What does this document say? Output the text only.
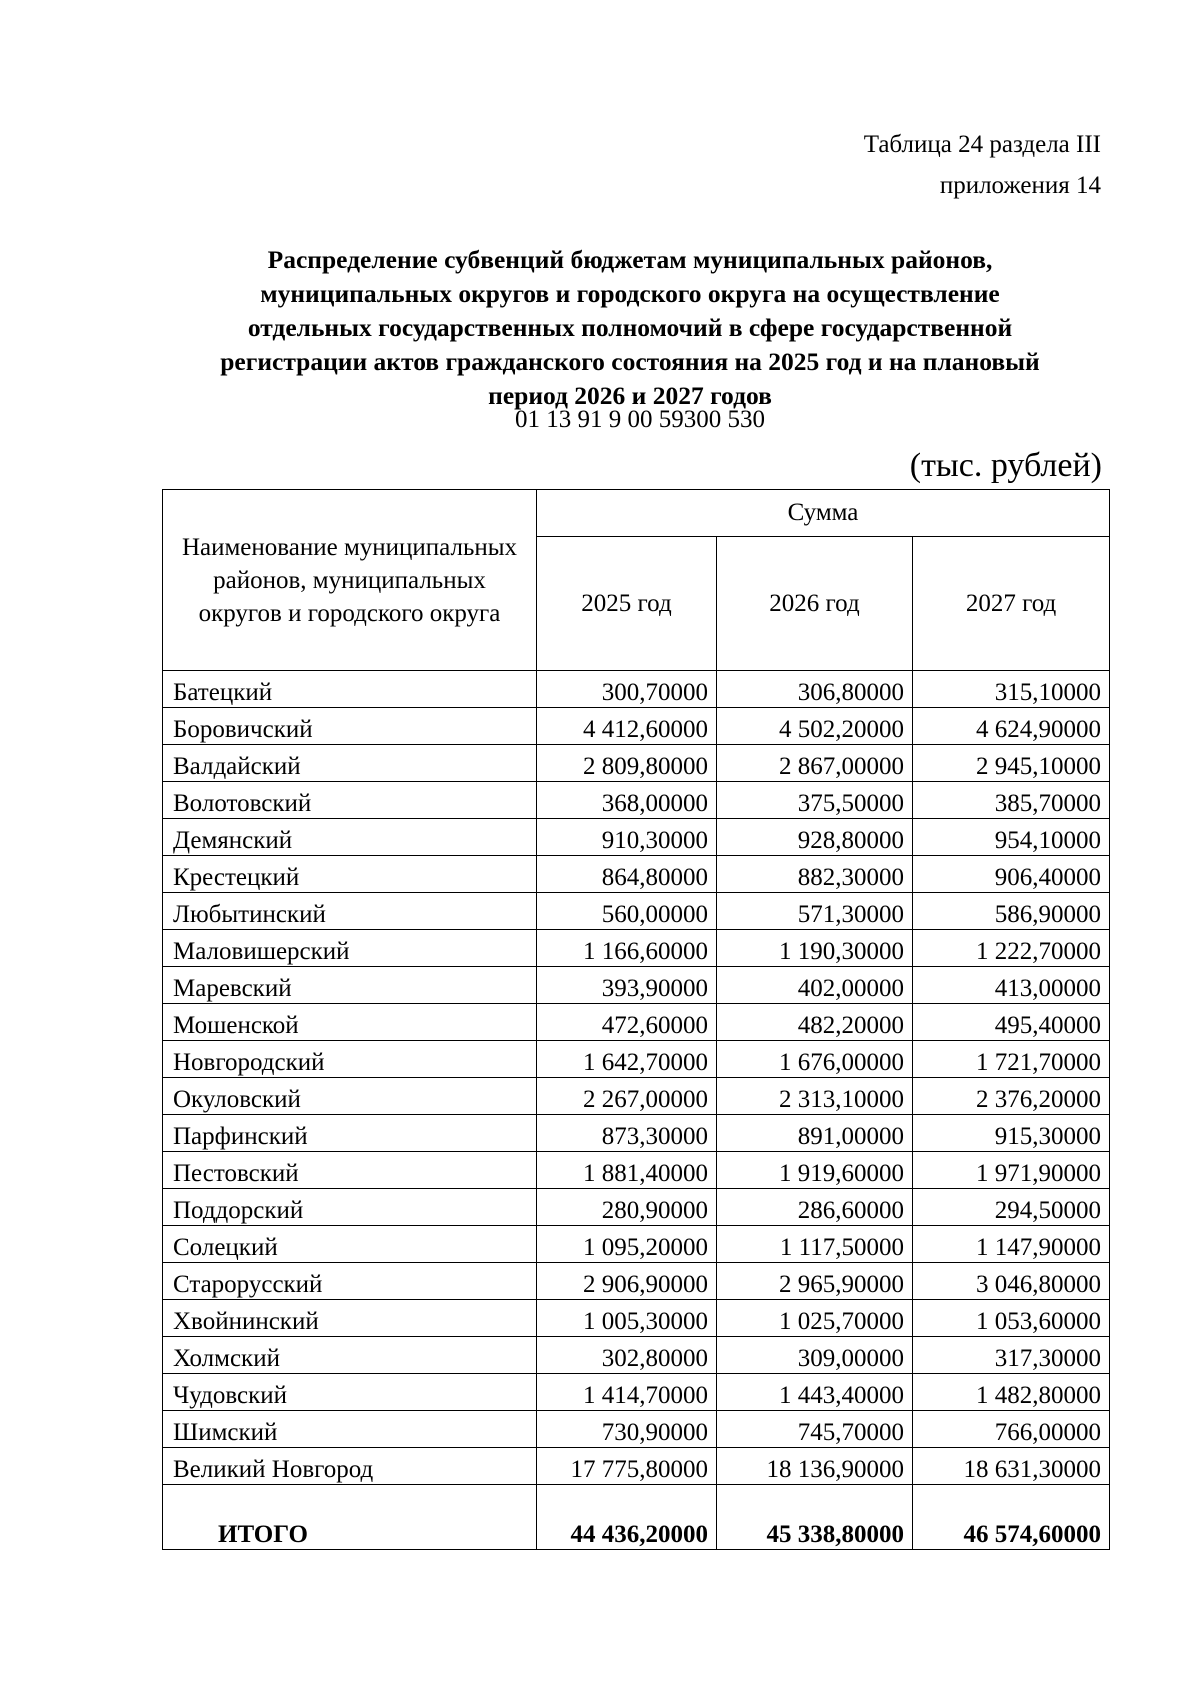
Таблица 24 раздела III
приложения 14
Распределение субвенций бюджетам муниципальных районов,
муниципальных округов и городского округа на осуществление
отдельных государственных полномочий в сфере государственной
регистрации актов гражданского состояния на 2025 год и на плановый
период 2026 и 2027 годов
01 13 91 9 00 59300 530
(тыс. рублей)
Наименование муниципальных районов, муниципальных округов и городского округа	Сумма		
	2025 год	2026 год	2027 год
Батецкий	300,70000	306,80000	315,10000
Боровичский	4 412,60000	4 502,20000	4 624,90000
Валдайский	2 809,80000	2 867,00000	2 945,10000
Волотовский	368,00000	375,50000	385,70000
Демянский	910,30000	928,80000	954,10000
Крестецкий	864,80000	882,30000	906,40000
Любытинский	560,00000	571,30000	586,90000
Маловишерский	1 166,60000	1 190,30000	1 222,70000
Маревский	393,90000	402,00000	413,00000
Мошенской	472,60000	482,20000	495,40000
Новгородский	1 642,70000	1 676,00000	1 721,70000
Окуловский	2 267,00000	2 313,10000	2 376,20000
Парфинский	873,30000	891,00000	915,30000
Пестовский	1 881,40000	1 919,60000	1 971,90000
Поддорский	280,90000	286,60000	294,50000
Солецкий	1 095,20000	1 117,50000	1 147,90000
Старорусский	2 906,90000	2 965,90000	3 046,80000
Хвойнинский	1 005,30000	1 025,70000	1 053,60000
Холмский	302,80000	309,00000	317,30000
Чудовский	1 414,70000	1 443,40000	1 482,80000
Шимский	730,90000	745,70000	766,00000
Великий Новгород	17 775,80000	18 136,90000	18 631,30000
ИТОГО	44 436,20000	45 338,80000	46 574,60000
